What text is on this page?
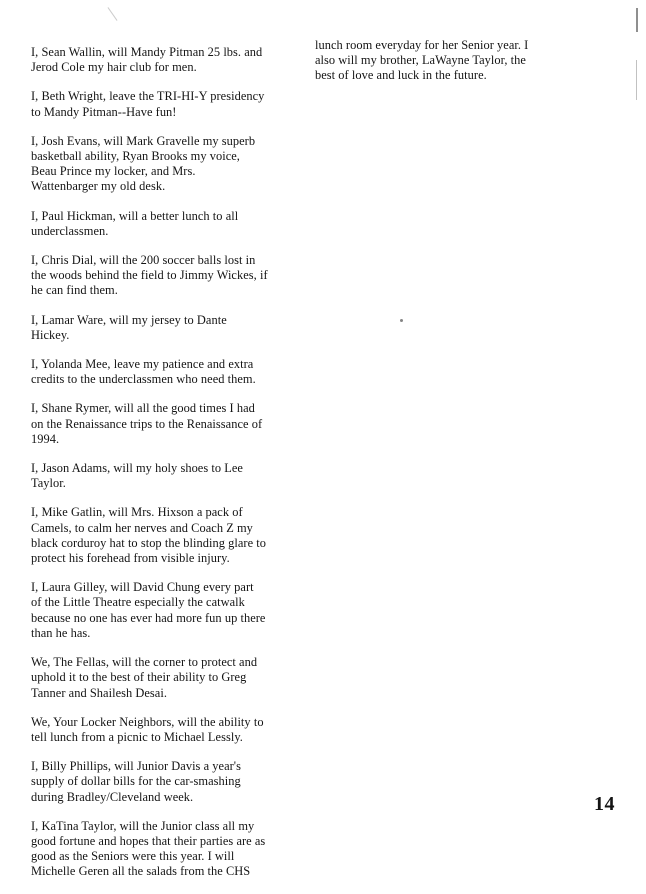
I, Sean Wallin, will Mandy Pitman 25 lbs. and
Jerod Cole my hair club for men.

I, Beth Wright, leave the TRI-HI-Y presidency
to Mandy Pitman--Have fun!

I, Josh Evans, will Mark Gravelle my superb
basketball ability, Ryan Brooks my voice,
Beau Prince my locker, and Mrs.
Wattenbarger my old desk.

I, Paul Hickman, will a better lunch to all
underclassmen.

I, Chris Dial, will the 200 soccer balls lost in
the woods behind the field to Jimmy Wickes, if
he can find them.

I, Lamar Ware, will my jersey to Dante
Hickey.

I, Yolanda Mee, leave my patience and extra
credits to the underclassmen who need them.

I, Shane Rymer, will all the good times I had
on the Renaissance trips to the Renaissance of
1994.

I, Jason Adams, will my holy shoes to Lee
Taylor.

I, Mike Gatlin, will Mrs. Hixson a pack of
Camels, to calm her nerves and Coach Z my
black corduroy hat to stop the blinding glare to
protect his forehead from visible injury.

I, Laura Gilley, will David Chung every part
of the Little Theatre especially the catwalk
because no one has ever had more fun up there
than he has.

We, The Fellas, will the corner to protect and
uphold it to the best of their ability to Greg
Tanner and Shailesh Desai.

We, Your Locker Neighbors, will the ability to
tell lunch from a picnic to Michael Lessly.

I, Billy Phillips, will Junior Davis a year's
supply of dollar bills for the car-smashing
during Bradley/Cleveland week.

I, KaTina Taylor, will the Junior class all my
good fortune and hopes that their parties are as
good as the Seniors were this year. I will
Michelle Geren all the salads from the CHS

lunch room everyday for her Senior year. I
also will my brother, LaWayne Taylor, the
best of love and luck in the future.

14
